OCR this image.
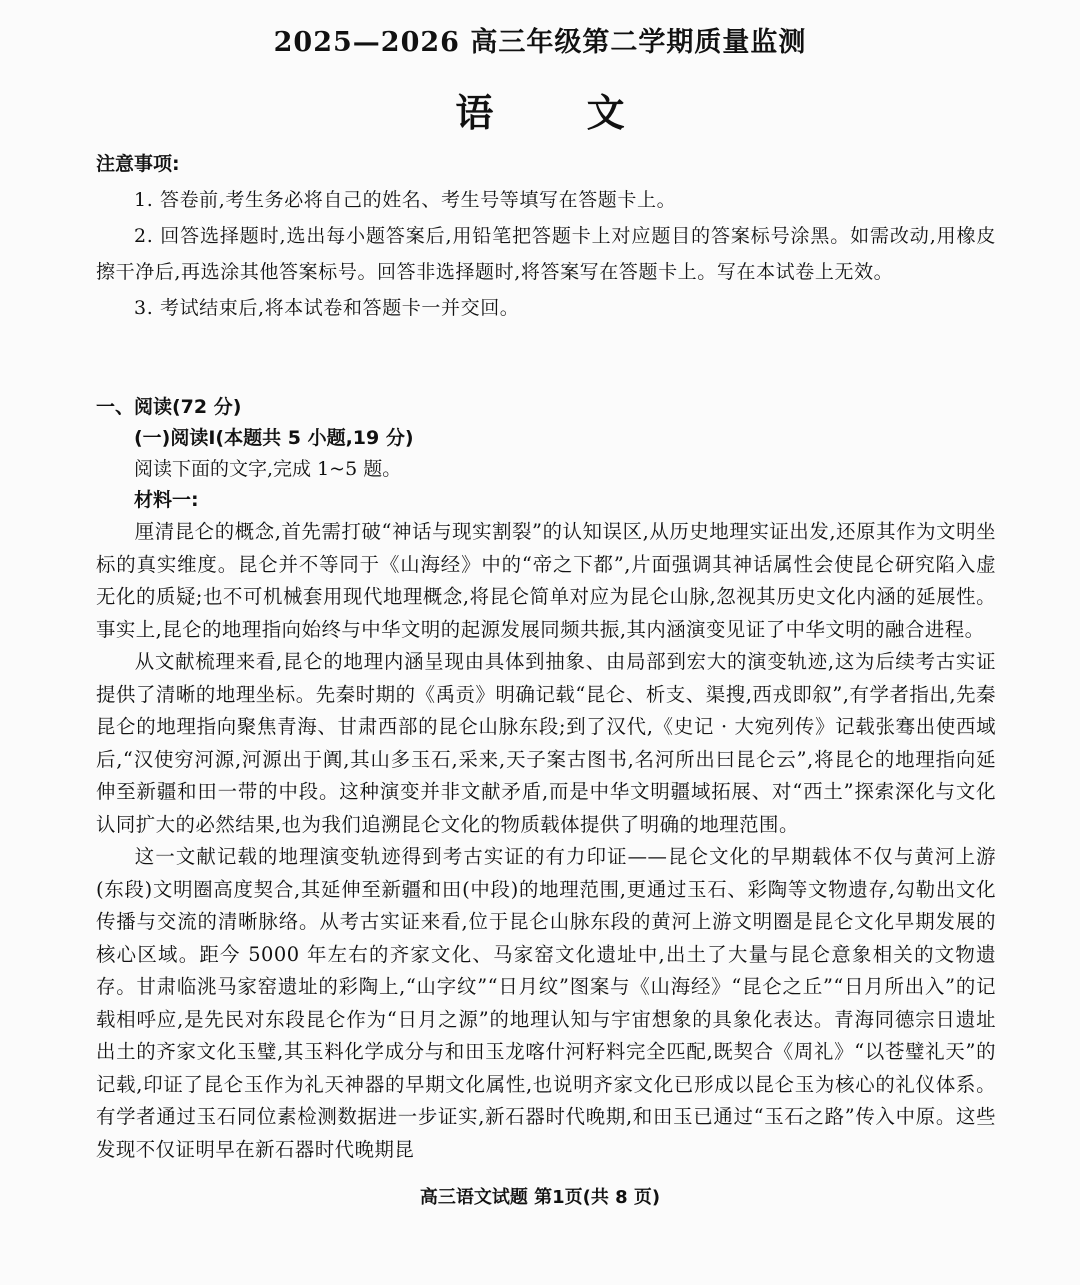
2025—2026 高三年级第二学期质量监测
语 文
注意事项:
1. 答卷前,考生务必将自己的姓名、考生号等填写在答题卡上。
2. 回答选择题时,选出每小题答案后,用铅笔把答题卡上对应题目的答案标号涂黑。如需改动,用橡皮擦干净后,再选涂其他答案标号。回答非选择题时,将答案写在答题卡上。写在本试卷上无效。
3. 考试结束后,将本试卷和答题卡一并交回。
一、阅读(72 分)
(一)阅读Ⅰ(本题共 5 小题,19 分)
阅读下面的文字,完成 1~5 题。
材料一:

厘清昆仑的概念,首先需打破“神话与现实割裂”的认知误区,从历史地理实证出发,还原其作为文明坐标的真实维度。昆仑并不等同于《山海经》中的“帝之下都”,片面强调其神话属性会使昆仑研究陷入虚无化的质疑;也不可机械套用现代地理概念,将昆仑简单对应为昆仑山脉,忽视其历史文化内涵的延展性。事实上,昆仑的地理指向始终与中华文明的起源发展同频共振,其内涵演变见证了中华文明的融合进程。

从文献梳理来看,昆仑的地理内涵呈现由具体到抽象、由局部到宏大的演变轨迹,这为后续考古实证提供了清晰的地理坐标。先秦时期的《禹贡》明确记载“昆仑、析支、渠搜,西戎即叙”,有学者指出,先秦昆仑的地理指向聚焦青海、甘肃西部的昆仑山脉东段;到了汉代,《史记 · 大宛列传》记载张骞出使西域后,“汉使穷河源,河源出于阗,其山多玉石,采来,天子案古图书,名河所出曰昆仑云”,将昆仑的地理指向延伸至新疆和田一带的中段。这种演变并非文献矛盾,而是中华文明疆域拓展、对“西土”探索深化与文化认同扩大的必然结果,也为我们追溯昆仑文化的物质载体提供了明确的地理范围。

这一文献记载的地理演变轨迹得到考古实证的有力印证——昆仑文化的早期载体不仅与黄河上游(东段)文明圈高度契合,其延伸至新疆和田(中段)的地理范围,更通过玉石、彩陶等文物遗存,勾勒出文化传播与交流的清晰脉络。从考古实证来看,位于昆仑山脉东段的黄河上游文明圈是昆仑文化早期发展的核心区域。距今 5000 年左右的齐家文化、马家窑文化遗址中,出土了大量与昆仑意象相关的文物遗存。甘肃临洮马家窑遗址的彩陶上,“山字纹”“日月纹”图案与《山海经》“昆仑之丘”“日月所出入”的记载相呼应,是先民对东段昆仑作为“日月之源”的地理认知与宇宙想象的具象化表达。青海同德宗日遗址出土的齐家文化玉璧,其玉料化学成分与和田玉龙喀什河籽料完全匹配,既契合《周礼》“以苍璧礼天”的记载,印证了昆仑玉作为礼天神器的早期文化属性,也说明齐家文化已形成以昆仑玉为核心的礼仪体系。有学者通过玉石同位素检测数据进一步证实,新石器时代晚期,和田玉已通过“玉石之路”传入中原。这些发现不仅证明早在新石器时代晚期昆

高三语文试题 第1页(共 8 页)
